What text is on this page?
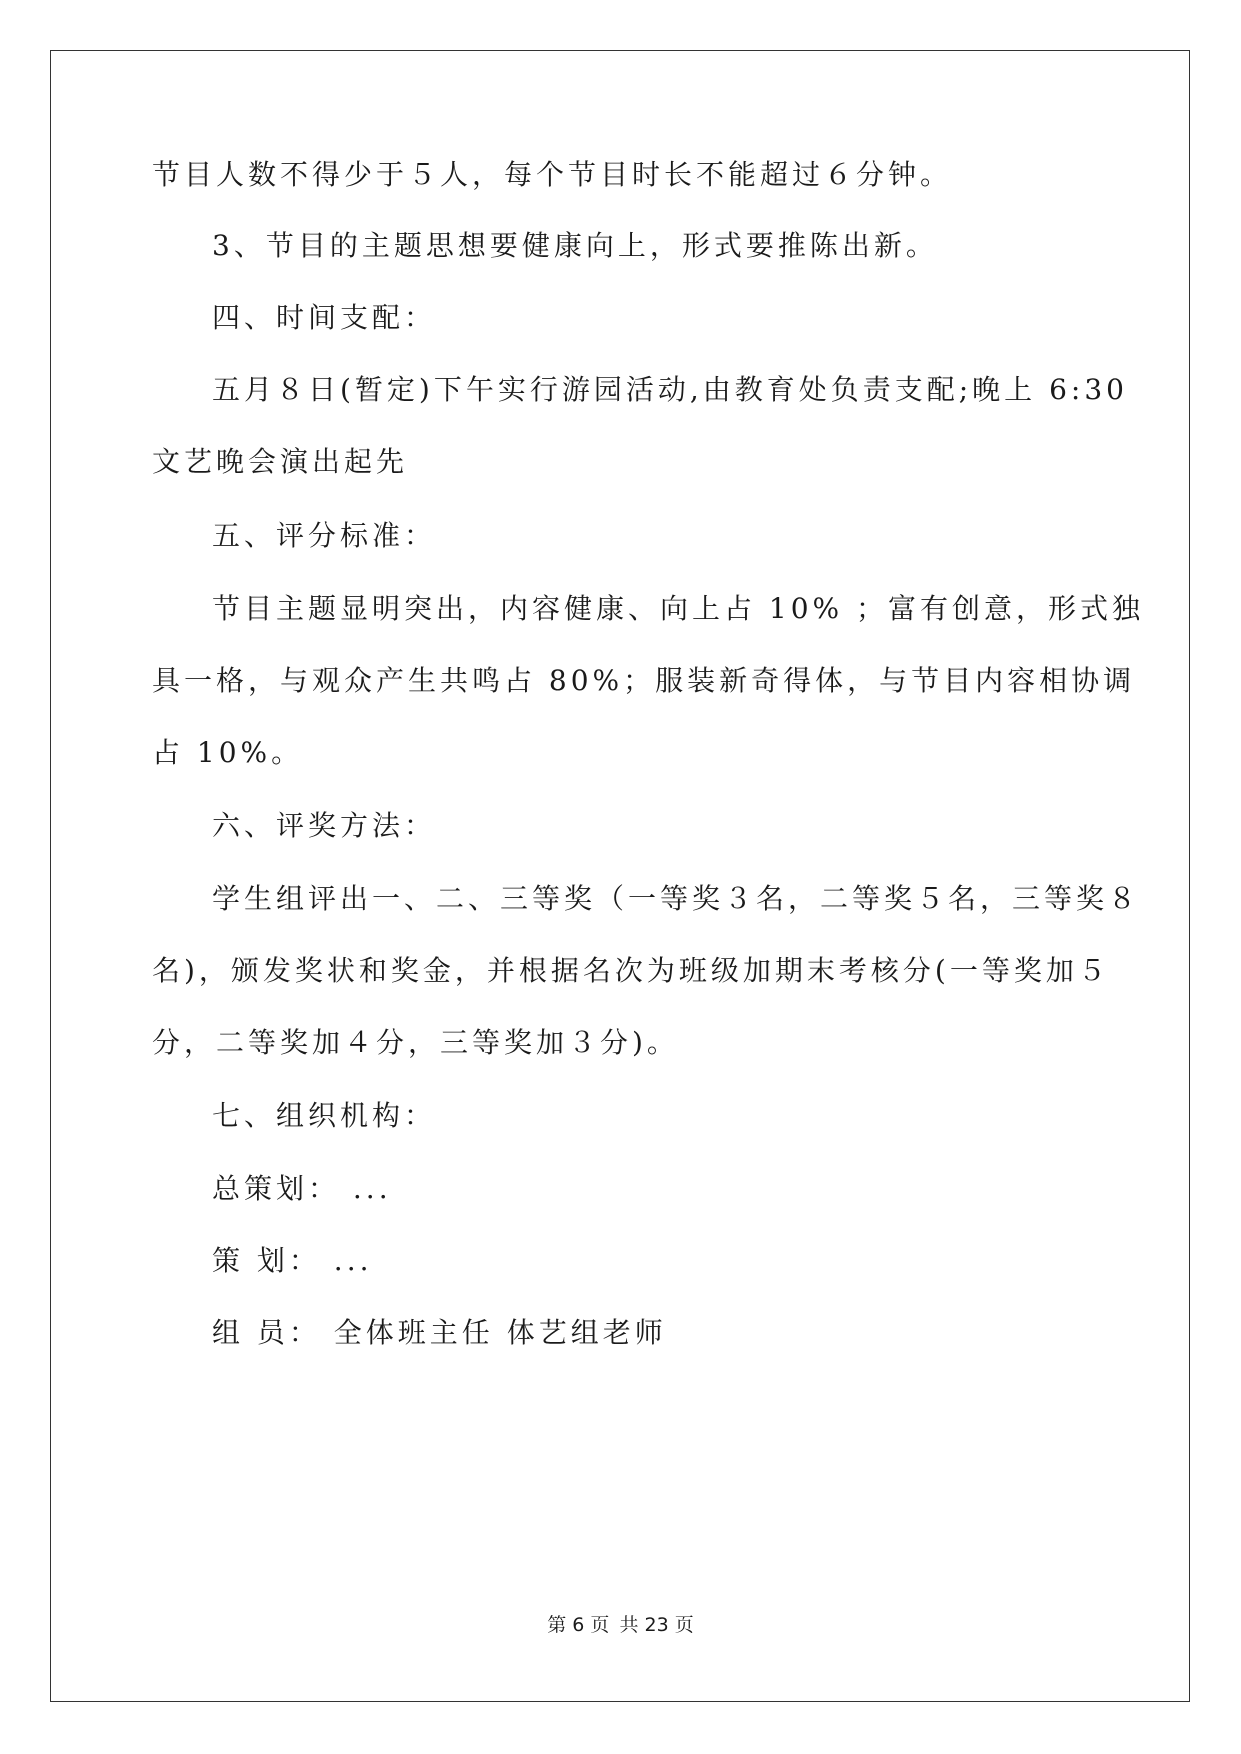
节目人数不得少于５人，每个节目时长不能超过６分钟。
3、节目的主题思想要健康向上，形式要推陈出新。
四、时间支配：
五月８日(暂定)下午实行游园活动,由教育处负责支配;晚上 6:30
文艺晚会演出起先
五、评分标准：
节目主题显明突出，内容健康、向上占 10% ；富有创意，形式独
具一格，与观众产生共鸣占 80%；服装新奇得体，与节目内容相协调
占 10%。
六、评奖方法：
学生组评出一、二、三等奖（一等奖３名，二等奖５名，三等奖８
名)，颁发奖状和奖金，并根据名次为班级加期末考核分(一等奖加５
分，二等奖加４分，三等奖加３分)。
七、组织机构：
总策划： ...
策 划： ...
组 员： 全体班主任 体艺组老师
第 6 页 共 23 页
